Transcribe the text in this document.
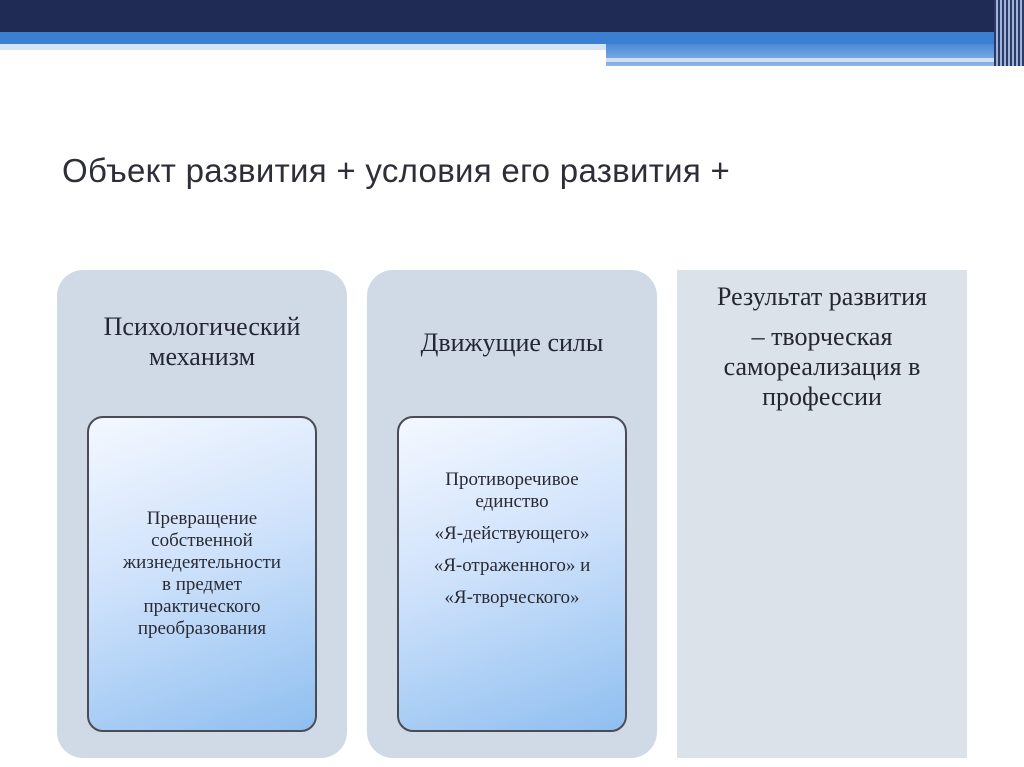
Объект развития + условия его развития +
Психологический
механизм
Превращение
собственной
жизнедеятельности
в предмет
практического
преобразования
Движущие силы
Противоречивое
единство
«Я-действующего»
«Я-отраженного» и
«Я-творческого»
Результат развития
– творческая
самореализация в
профессии
